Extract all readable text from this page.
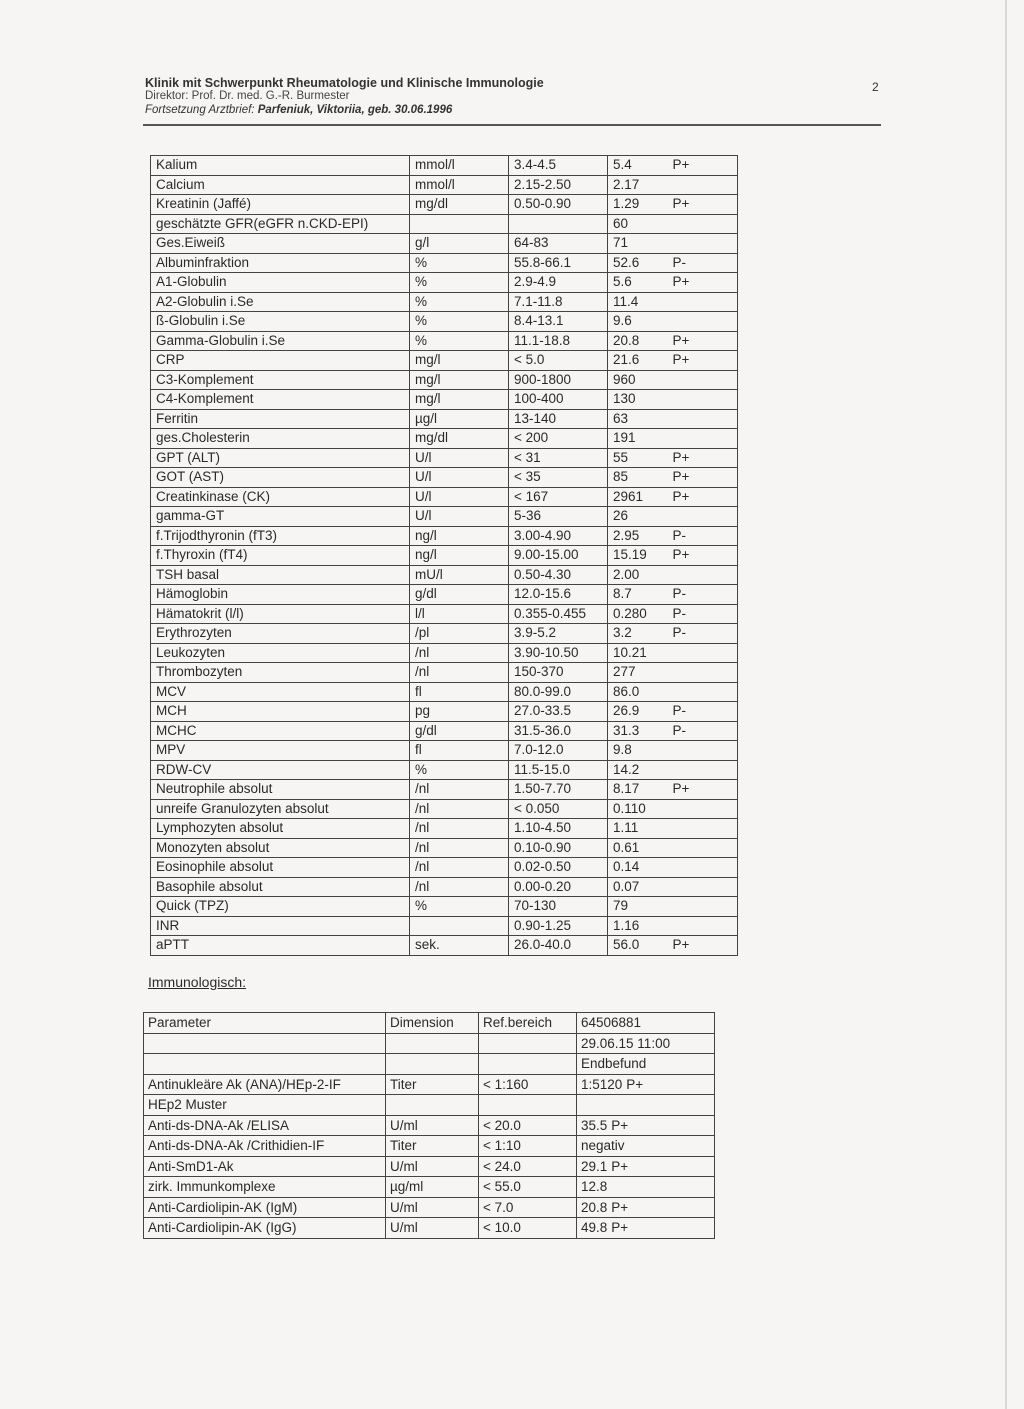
Klinik mit Schwerpunkt Rheumatologie und Klinische Immunologie
Direktor: Prof. Dr. med. G.-R. Burmester
Fortsetzung Arztbrief: Parfeniuk, Viktoriia, geb. 30.06.1996
2
Kalium	mmol/l	3.4-4.5	5.4	P+
Calcium	mmol/l	2.15-2.50	2.17	
Kreatinin (Jaffé)	mg/dl	0.50-0.90	1.29	P+
geschätzte GFR(eGFR n.CKD-EPI)			60	
Ges.Eiweiß	g/l	64-83	71	
Albuminfraktion	%	55.8-66.1	52.6	P-
A1-Globulin	%	2.9-4.9	5.6	P+
A2-Globulin i.Se	%	7.1-11.8	11.4	
ß-Globulin i.Se	%	8.4-13.1	9.6	
Gamma-Globulin i.Se	%	11.1-18.8	20.8	P+
CRP	mg/l	< 5.0	21.6	P+
C3-Komplement	mg/l	900-1800	960	
C4-Komplement	mg/l	100-400	130	
Ferritin	µg/l	13-140	63	
ges.Cholesterin	mg/dl	< 200	191	
GPT (ALT)	U/l	< 31	55	P+
GOT (AST)	U/l	< 35	85	P+
Creatinkinase (CK)	U/l	< 167	2961	P+
gamma-GT	U/l	5-36	26	
f.Trijodthyronin (fT3)	ng/l	3.00-4.90	2.95	P-
f.Thyroxin (fT4)	ng/l	9.00-15.00	15.19	P+
TSH basal	mU/l	0.50-4.30	2.00	
Hämoglobin	g/dl	12.0-15.6	8.7	P-
Hämatokrit (l/l)	l/l	0.355-0.455	0.280	P-
Erythrozyten	/pl	3.9-5.2	3.2	P-
Leukozyten	/nl	3.90-10.50	10.21	
Thrombozyten	/nl	150-370	277	
MCV	fl	80.0-99.0	86.0	
MCH	pg	27.0-33.5	26.9	P-
MCHC	g/dl	31.5-36.0	31.3	P-
MPV	fl	7.0-12.0	9.8	
RDW-CV	%	11.5-15.0	14.2	
Neutrophile absolut	/nl	1.50-7.70	8.17	P+
unreife Granulozyten absolut	/nl	< 0.050	0.110	
Lymphozyten absolut	/nl	1.10-4.50	1.11	
Monozyten absolut	/nl	0.10-0.90	0.61	
Eosinophile absolut	/nl	0.02-0.50	0.14	
Basophile absolut	/nl	0.00-0.20	0.07	
Quick (TPZ)	%	70-130	79	
INR		0.90-1.25	1.16	
aPTT	sek.	26.0-40.0	56.0	P+
Immunologisch:
Parameter	Dimension	Ref.bereich	64506881
			29.06.15 11:00
			Endbefund
Antinukleäre Ak (ANA)/HEp-2-IF	Titer	< 1:160	1:5120 P+
HEp2 Muster			
Anti-ds-DNA-Ak /ELISA	U/ml	< 20.0	35.5 P+
Anti-ds-DNA-Ak /Crithidien-IF	Titer	< 1:10	negativ
Anti-SmD1-Ak	U/ml	< 24.0	29.1 P+
zirk. Immunkomplexe	µg/ml	< 55.0	12.8
Anti-Cardiolipin-AK (IgM)	U/ml	< 7.0	20.8 P+
Anti-Cardiolipin-AK (IgG)	U/ml	< 10.0	49.8 P+
